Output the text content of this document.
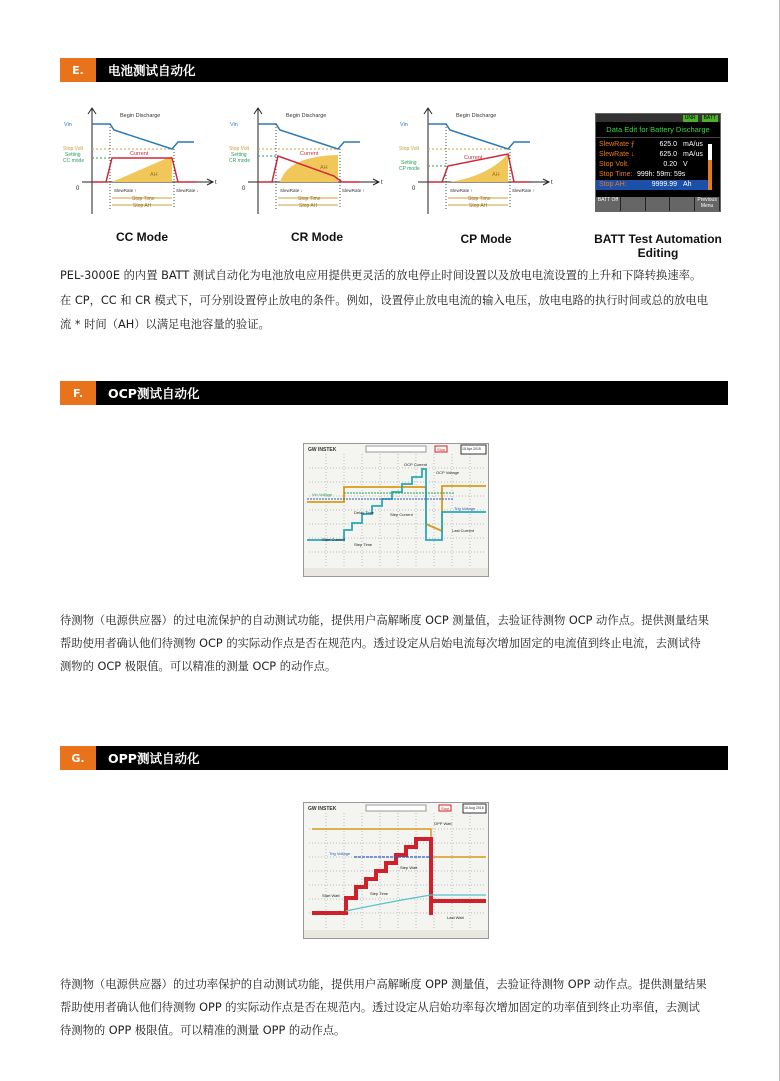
E.	电池测试自动化
Vin
Begin Discharge
Stop Volt
Setting
CC mode
Current
AH
0
t
SlewRate ↑	SlewRate ↓
Stop Time
Stop AH
CC Mode
Vin
Begin Discharge
Stop Volt
Setting
CR mode
Current
AH
0
t
SlewRate ↓	SlewRate ↑
Stop Time
Stop AH
CR Mode
Vin
Begin Discharge
Stop Volt
Setting
CP mode
Current
AH
0
t
SlewRate ↑	SlewRate ↑
Stop Time
Stop AH
CP Mode
UNR	BATT
Data Edit for Battery Discharge
SlewRate ⨍	625.0 mA/us
SlewRate ↓	625.0 mA/us
Stop Volt.	0.20 V
Stop Time: 999h: 59m: 59s
Stop AH:	9999.99 Ah
BATT Off	Previous Menu
BATT Test Automation Editing
PEL-3000E 的内置 BATT 测试自动化为电池放电应用提供更灵活的放电停止时间设置以及放电电流设置的上升和下降转换速率。
在 CP，CC 和 CR 模式下，可分别设置停止放电的条件。例如，设置停止放电电流的输入电压，放电电路的执行时间或总的放电电
流 * 时间（AH）以满足电池容量的验证。
F.	OCP测试自动化
GW INSTEK	Stop	15 Apr 2015
Vin Voltage
OCP Current
OCP Voltage
Trig Voltage
Delay Time	Step Current
Start Current
Step Time
Last Current
待测物（电源供应器）的过电流保护的自动测试功能，提供用户高解晰度 OCP 测量值，去验证待测物 OCP 动作点。提供测量结果
帮助使用者确认他们待测物 OCP 的实际动作点是否在规范内。透过设定从启始电流每次增加固定的电流值到终止电流，去测试待
测物的 OCP 极限值。可以精准的测量 OCP 的动作点。
G.	OPP测试自动化
GW INSTEK	Stop	16 Aug 2016
OPP Watt
Trig Voltage
Step Watt
Start Watt	Step Time
Last Watt
待测物（电源供应器）的过功率保护的自动测试功能，提供用户高解晰度 OPP 测量值，去验证待测物 OPP 动作点。提供测量结果
帮助使用者确认他们待测物 OPP 的实际动作点是否在规范内。透过设定从启始功率每次增加固定的功率值到终止功率值，去测试
待测物的 OPP 极限值。可以精准的测量 OPP 的动作点。
